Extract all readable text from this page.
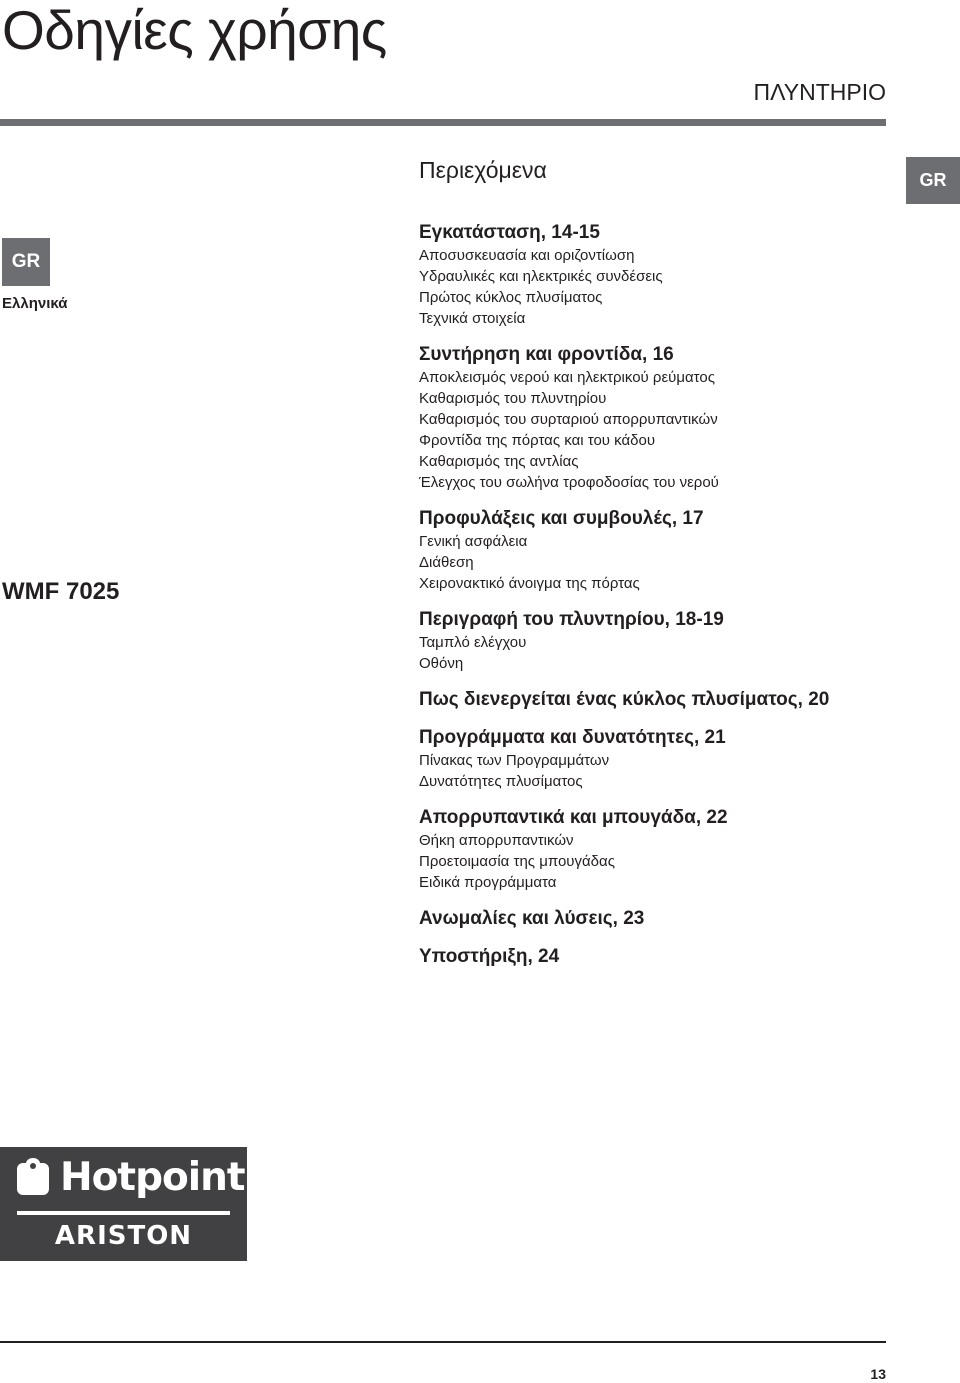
Οδηγίες χρήσης
ΠΛΥΝΤΗΡΙΟ
GR
GR
Ελληνικά
WMF 7025
Περιεχόμενα
Εγκατάσταση, 14-15
Αποσυσκευασία και οριζοντίωση
Υδραυλικές και ηλεκτρικές συνδέσεις
Πρώτος κύκλος πλυσίματος
Τεχνικά στοιχεία
Συντήρηση και φροντίδα, 16
Αποκλεισμός νερού και ηλεκτρικού ρεύματος
Καθαρισμός του πλυντηρίου
Καθαρισμός του συρταριού απορρυπαντικών
Φροντίδα της πόρτας και του κάδου
Καθαρισμός της αντλίας
Έλεγχος του σωλήνα τροφοδοσίας του νερού
Προφυλάξεις και συμβουλές, 17
Γενική ασφάλεια
Διάθεση
Χειρονακτικό άνοιγμα της πόρτας
Περιγραφή του πλυντηρίου, 18-19
Ταμπλό ελέγχου
Οθόνη
Πως διενεργείται ένας κύκλος πλυσίματος, 20
Προγράμματα και δυνατότητες, 21
Πίνακας των Προγραμμάτων
Δυνατότητες πλυσίματος
Απορρυπαντικά και μπουγάδα, 22
Θήκη απορρυπαντικών
Προετοιμασία της μπουγάδας
Ειδικά προγράμματα
Ανωμαλίες και λύσεις, 23
Υποστήριξη, 24
Hotpoint
ARISTON
13
